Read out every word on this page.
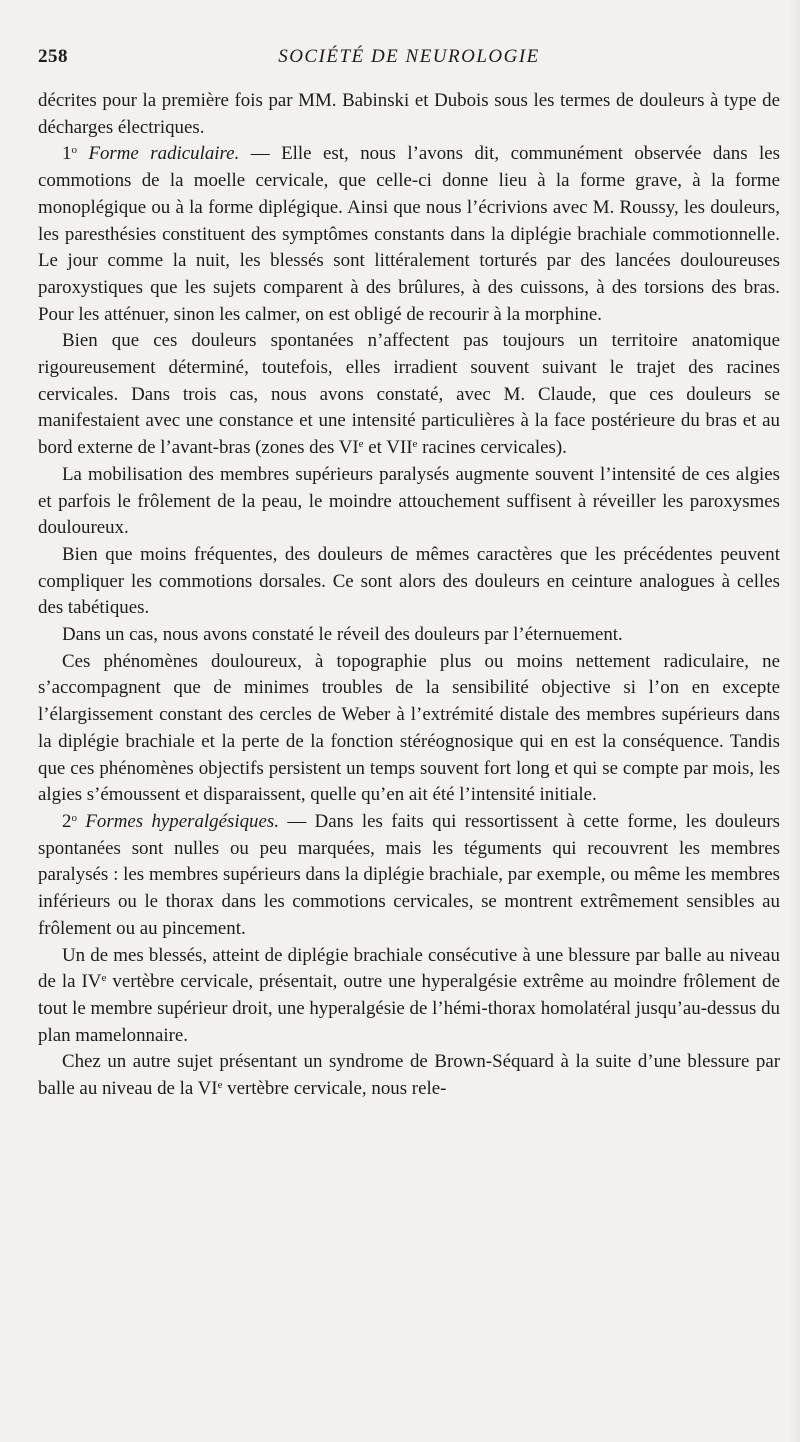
258	SOCIÉTÉ DE NEUROLOGIE

décrites pour la première fois par MM. Babinski et Dubois sous les termes de douleurs à type de décharges électriques.

1$^o$ Forme radiculaire. — Elle est, nous l’avons dit, communément observée dans les commotions de la moelle cervicale, que celle-ci donne lieu à la forme grave, à la forme monoplégique ou à la forme diplégique. Ainsi que nous l’écrivions avec M. Roussy, les douleurs, les paresthésies constituent des symptômes constants dans la diplégie brachiale commotionnelle. Le jour comme la nuit, les blessés sont littéralement torturés par des lancées douloureuses paroxystiques que les sujets comparent à des brûlures, à des cuissons, à des torsions des bras. Pour les atténuer, sinon les calmer, on est obligé de recourir à la morphine.

Bien que ces douleurs spontanées n’affectent pas toujours un territoire anatomique rigoureusement déterminé, toutefois, elles irradient souvent suivant le trajet des racines cervicales. Dans trois cas, nous avons constaté, avec M. Claude, que ces douleurs se manifestaient avec une constance et une intensité particulières à la face postérieure du bras et au bord externe de l’avant-bras (zones des VIe et VIIe racines cervicales).

La mobilisation des membres supérieurs paralysés augmente souvent l’intensité de ces algies et parfois le frôlement de la peau, le moindre attouchement suffisent à réveiller les paroxysmes douloureux.

Bien que moins fréquentes, des douleurs de mêmes caractères que les précédentes peuvent compliquer les commotions dorsales. Ce sont alors des douleurs en ceinture analogues à celles des tabétiques.

Dans un cas, nous avons constaté le réveil des douleurs par l’éternuement.

Ces phénomènes douloureux, à topographie plus ou moins nettement radiculaire, ne s’accompagnent que de minimes troubles de la sensibilité objective si l’on en excepte l’élargissement constant des cercles de Weber à l’extrémité distale des membres supérieurs dans la diplégie brachiale et la perte de la fonction stéréognosique qui en est la conséquence. Tandis que ces phénomènes objectifs persistent un temps souvent fort long et qui se compte par mois, les algies s’émoussent et disparaissent, quelle qu’en ait été l’intensité initiale.

2$^o$ Formes hyperalgésiques. — Dans les faits qui ressortissent à cette forme, les douleurs spontanées sont nulles ou peu marquées, mais les téguments qui recouvrent les membres paralysés : les membres supérieurs dans la diplégie brachiale, par exemple, ou même les membres inférieurs ou le thorax dans les commotions cervicales, se montrent extrêmement sensibles au frôlement ou au pincement.

Un de mes blessés, atteint de diplégie brachiale consécutive à une blessure par balle au niveau de la IVe vertèbre cervicale, présentait, outre une hyperalgésie extrême au moindre frôlement de tout le membre supérieur droit, une hyperalgésie de l’hémi-thorax homolatéral jusqu’au-dessus du plan mamelonnaire.

Chez un autre sujet présentant un syndrome de Brown-Séquard à la suite d’une blessure par balle au niveau de la VIe vertèbre cervicale, nous rele-
